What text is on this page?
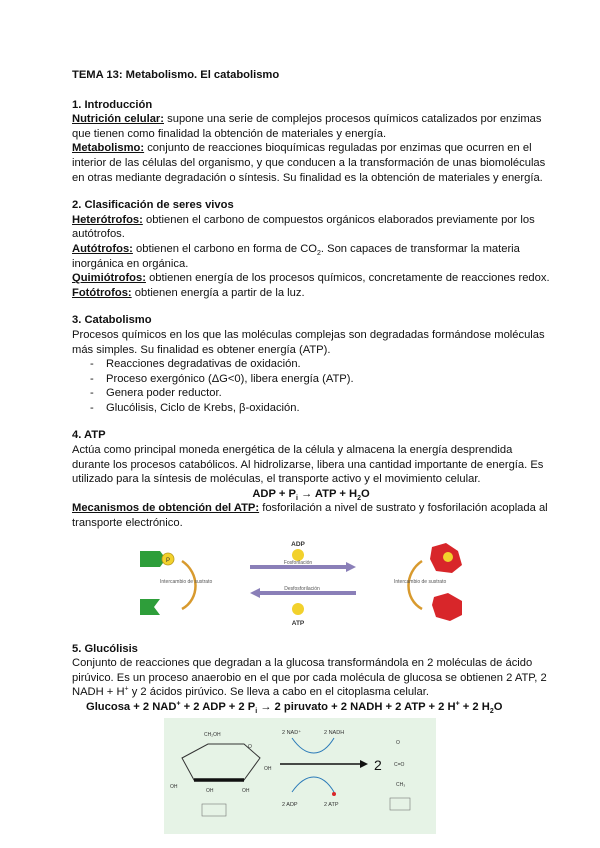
TEMA 13: Metabolismo. El catabolismo
1. Introducción

Nutrición celular: supone una serie de complejos procesos químicos catalizados por enzimas que tienen como finalidad la obtención de materiales y energía.

Metabolismo: conjunto de reacciones bioquímicas reguladas por enzimas que ocurren en el interior de las células del organismo, y que conducen a la transformación de unas biomoléculas en otras mediante degradación o síntesis. Su finalidad es la obtención de materiales y energía.

2. Clasificación de seres vivos

Heterótrofos: obtienen el carbono de compuestos orgánicos elaborados previamente por los autótrofos.

Autótrofos: obtienen el carbono en forma de $CO_2$. Son capaces de transformar la materia inorgánica en orgánica.

Quimiótrofos: obtienen energía de los procesos químicos, concretamente de reacciones redox.

Fotótrofos: obtienen energía a partir de la luz.

3. Catabolismo

Procesos químicos en los que las moléculas complejas son degradadas formándose moléculas más simples. Su finalidad es obtener energía (ATP).

- Reacciones degradativas de oxidación.
- Proceso exergónico (ΔG<0), libera energía (ATP).
- Genera poder reductor.
- Glucólisis, Ciclo de Krebs, β-oxidación.
4. ATP

Actúa como principal moneda energética de la célula y almacena la energía desprendida durante los procesos catabólicos. Al hidrolizarse, libera una cantidad importante de energía. Es utilizado para la síntesis de moléculas, el transporte activo y el movimiento celular.

ADP + $P_i$ → ATP + $H_2O$

Mecanismos de obtención del ATP: fosforilación a nivel de sustrato y fosforilación acoplada al transporte electrónico.

P
Intercambio de sustrato
ADP
Fosforilación
Desfosforilación
ATP
Intercambio de sustrato
5. Glucólisis

Conjunto de reacciones que degradan a la glucosa transformándola en 2 moléculas de ácido pirúvico. Es un proceso anaerobio en el que por cada molécula de glucosa se obtienen 2 ATP, 2 NADH + H+ y 2 ácidos pirúvico. Se lleva a cabo en el citoplasma celular.

Glucosa + 2 NAD+ + 2 ADP + 2 $P_i \to 2$ piruvato + 2 NADH + 2 ATP + 2 H+ + 2 $H_2O$
CH₂OH
O
OH
OH	OH
OH
2 NAD⁺	2 NADH
2 ADP	2 ATP
2
O
C=O
CH₃
